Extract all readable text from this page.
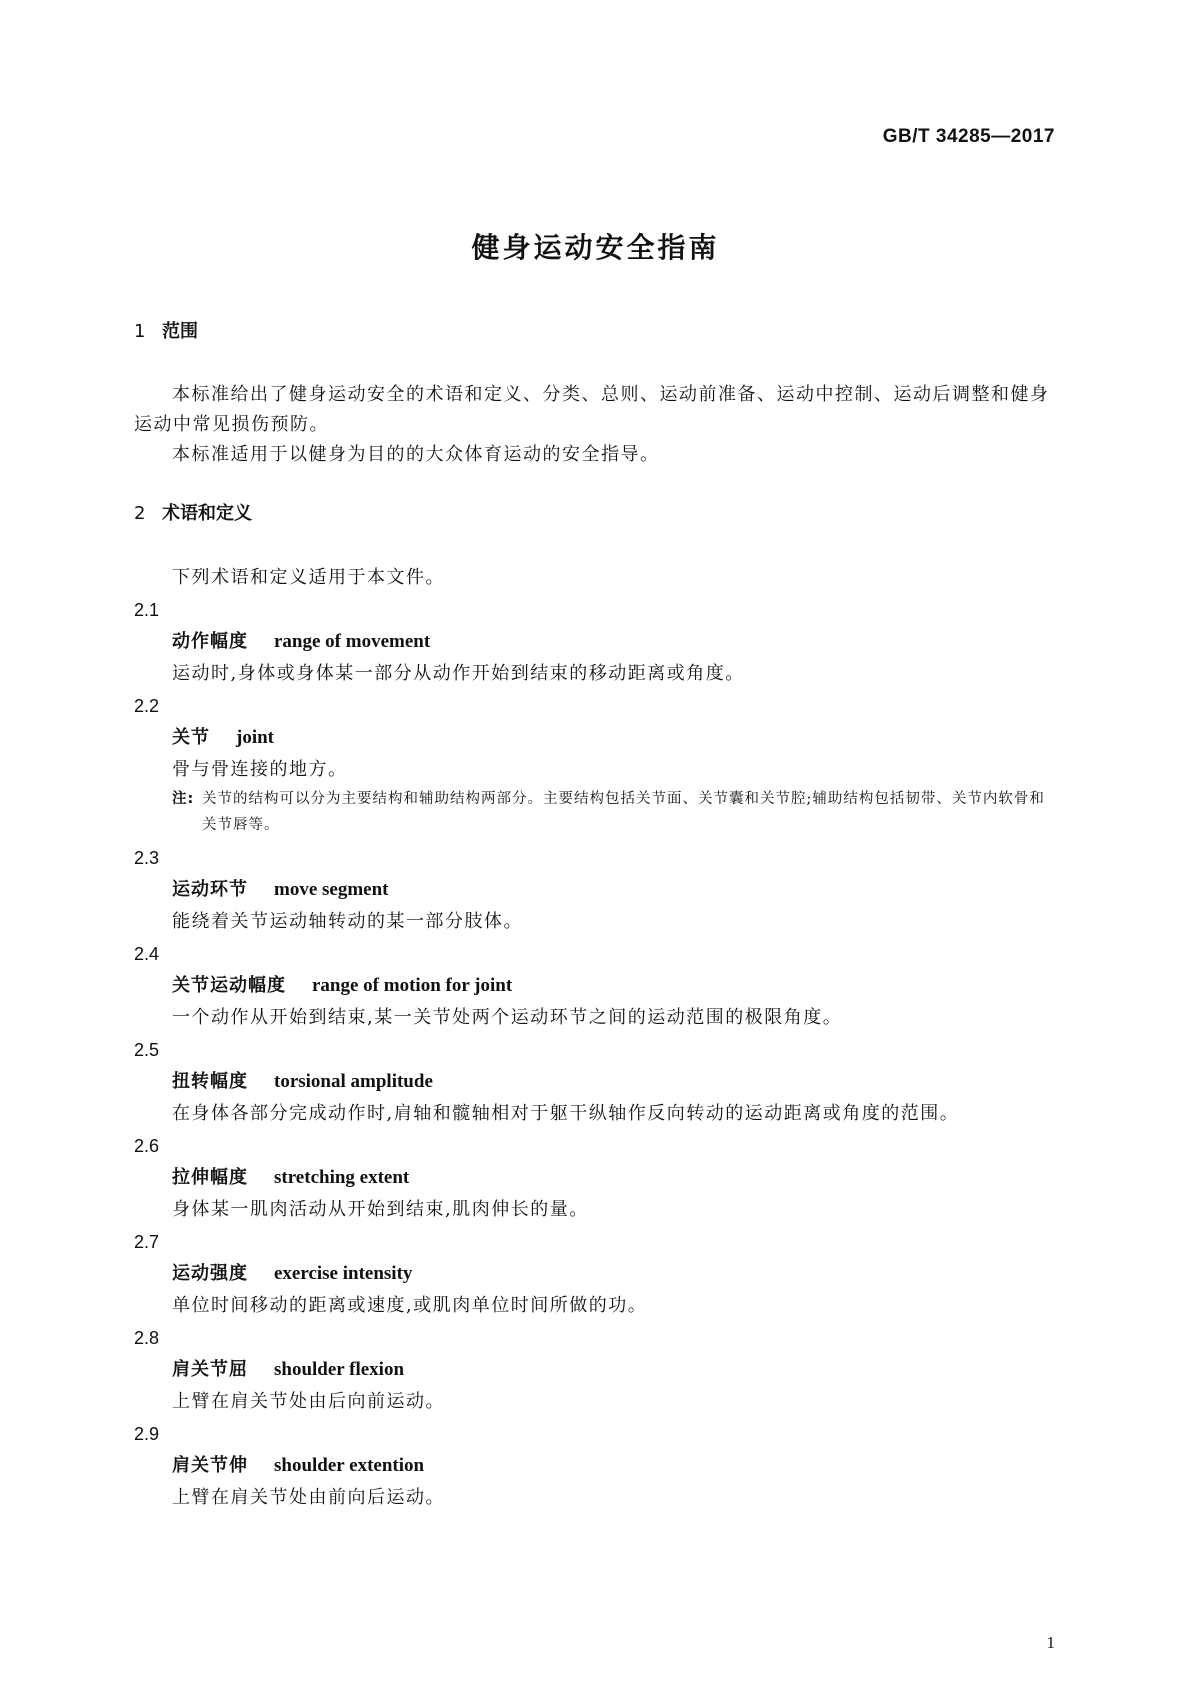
GB/T 34285—2017
健身运动安全指南
1 范围
本标准给出了健身运动安全的术语和定义、分类、总则、运动前准备、运动中控制、运动后调整和健身运动中常见损伤预防。
本标准适用于以健身为目的的大众体育运动的安全指导。
2 术语和定义
下列术语和定义适用于本文件。
2.1
动作幅度 range of movement
运动时,身体或身体某一部分从动作开始到结束的移动距离或角度。
2.2
关节 joint
骨与骨连接的地方。
注: 关节的结构可以分为主要结构和辅助结构两部分。主要结构包括关节面、关节囊和关节腔;辅助结构包括韧带、关节内软骨和关节唇等。
2.3
运动环节 move segment
能绕着关节运动轴转动的某一部分肢体。
2.4
关节运动幅度 range of motion for joint
一个动作从开始到结束,某一关节处两个运动环节之间的运动范围的极限角度。
2.5
扭转幅度 torsional amplitude
在身体各部分完成动作时,肩轴和髋轴相对于躯干纵轴作反向转动的运动距离或角度的范围。
2.6
拉伸幅度 stretching extent
身体某一肌肉活动从开始到结束,肌肉伸长的量。
2.7
运动强度 exercise intensity
单位时间移动的距离或速度,或肌肉单位时间所做的功。
2.8
肩关节屈 shoulder flexion
上臂在肩关节处由后向前运动。
2.9
肩关节伸 shoulder extention
上臂在肩关节处由前向后运动。
1
